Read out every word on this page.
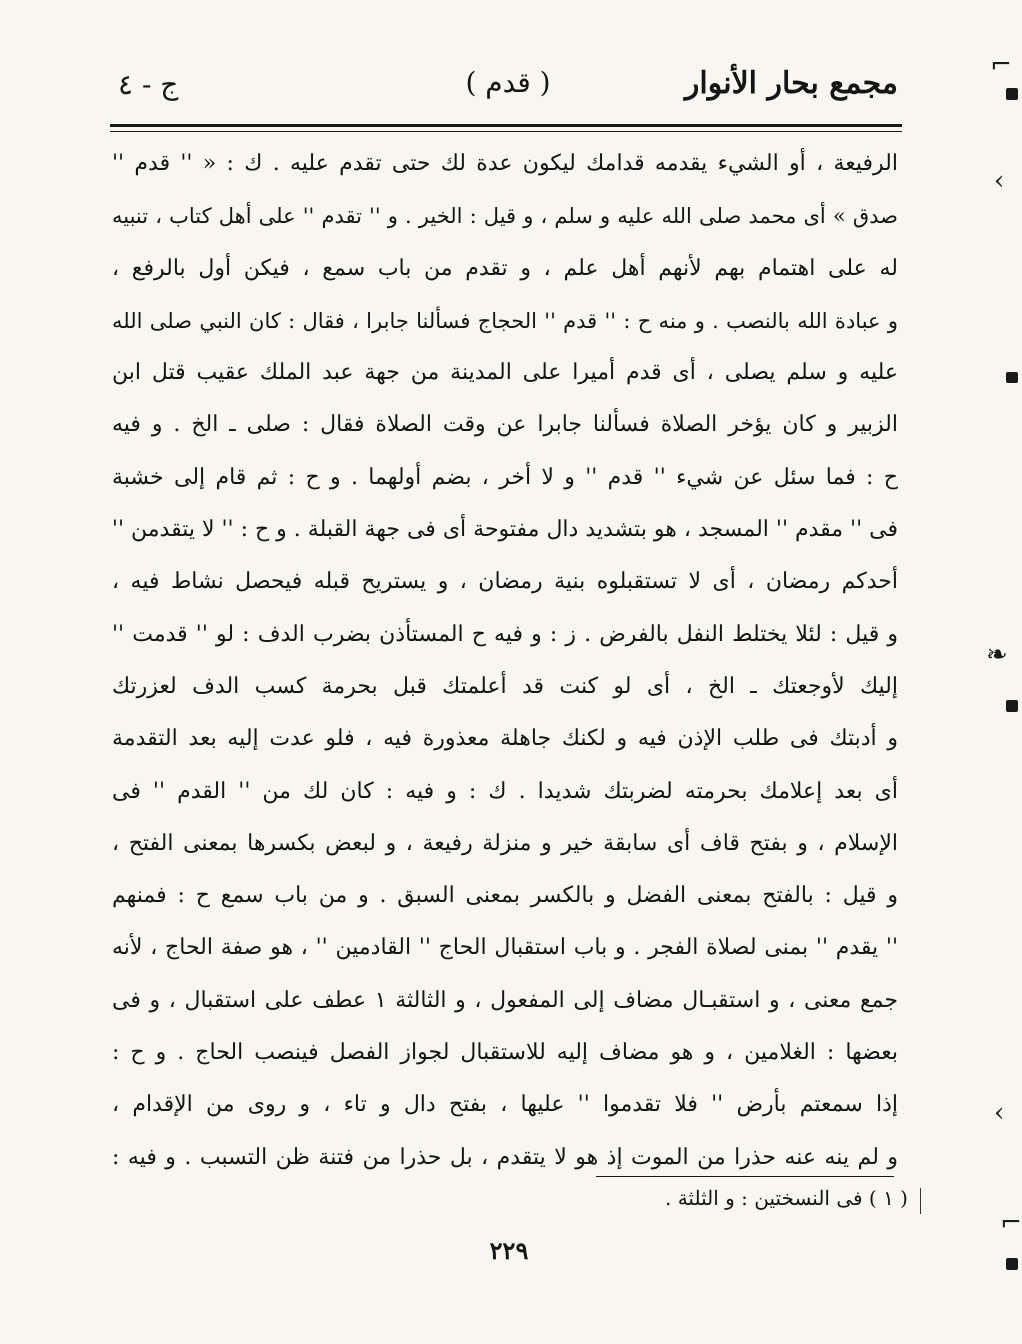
مجمع بحار الأنوار
( قدم )
ج - ٤
الرفيعة ، أو الشيء يقدمه قدامك ليكون عدة لك حتى تقدم عليه . ك : « '' قدم ''
صدق » أى محمد صلى الله عليه و سلم ، و قيل : الخير . و '' تقدم '' على أهل كتاب ، تنبيه
له على اهتمام بهم لأنهم أهل علم ، و تقدم من باب سمع ، فيكن أول بالرفع ،
و عبادة الله بالنصب . و منه ح : '' قدم '' الحجاج فسألنا جابرا ، فقال : كان النبي صلى الله
عليه و سلم يصلى ، أى قدم أميرا على المدينة من جهة عبد الملك عقيب قتل ابن
الزبير و كان يؤخر الصلاة فسألنا جابرا عن وقت الصلاة فقال : صلى ـ الخ . و فيه
ح : فما سئل عن شيء '' قدم '' و لا أخر ، بضم أولهما . و ح : ثم قام إلى خشبة
فى '' مقدم '' المسجد ، هو بتشديد دال مفتوحة أى فى جهة القبلة . و ح : '' لا يتقدمن ''
أحدكم رمضان ، أى لا تستقبلوه بنية رمضان ، و يستريح قبله فيحصل نشاط فيه ،
و قيل : لئلا يختلط النفل بالفرض . ز : و فيه ح المستأذن بضرب الدف : لو '' قدمت ''
إليك لأوجعتك ـ الخ ، أى لو كنت قد أعلمتك قبل بحرمة كسب الدف لعزرتك
و أدبتك فى طلب الإذن فيه و لكنك جاهلة معذورة فيه ، فلو عدت إليه بعد التقدمة
أى بعد إعلامك بحرمته لضربتك شديدا . ك : و فيه : كان لك من '' القدم '' فى
الإسلام ، و بفتح قاف أى سابقة خير و منزلة رفيعة ، و لبعض بكسرها بمعنى الفتح ،
و قيل : بالفتح بمعنى الفضل و بالكسر بمعنى السبق . و من باب سمع ح : فمنهم
'' يقدم '' بمنى لصلاة الفجر . و باب استقبال الحاج '' القادمين '' ، هو صفة الحاج ، لأنه
جمع معنى ، و استقبـال مضاف إلى المفعول ، و الثالثة ١ عطف على استقبال ، و فى
بعضها : الغلامين ، و هو مضاف إليه للاستقبال لجواز الفصل فينصب الحاج . و ح :
إذا سمعتم بأرض '' فلا تقدموا '' عليها ، بفتح دال و تاء ، و روى من الإقدام ،
و لم ينه عنه حذرا من الموت إذ هو لا يتقدم ، بل حذرا من فتنة ظن التسبب . و فيه :
( ١ ) فى النسختين : و الثلثة .
٢٢٩
⌐
‹
❧
‹
⌐
